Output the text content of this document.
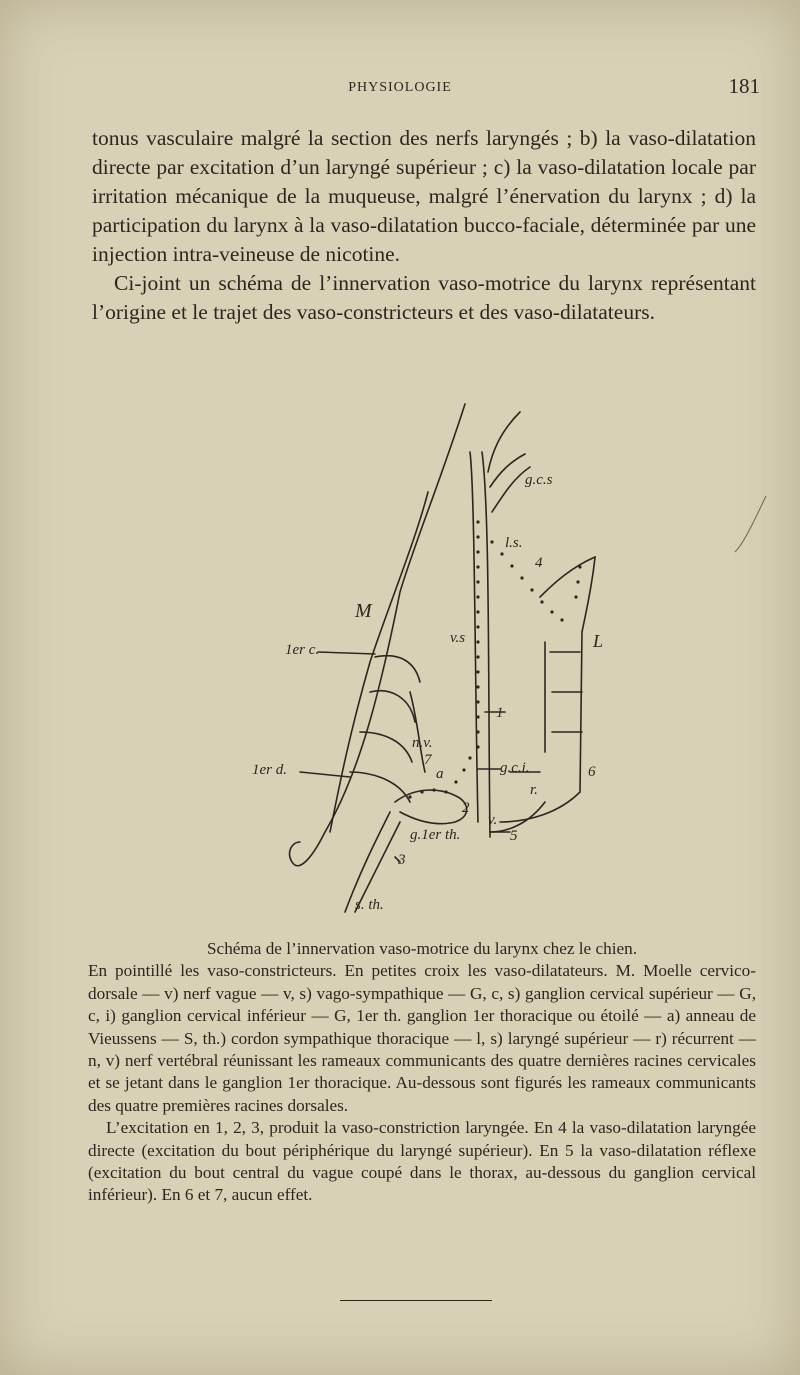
PHYSIOLOGIE	181

tonus vasculaire malgré la section des nerfs laryngés ; b) la vaso-dilatation directe par excitation d’un laryngé supérieur ; c) la vaso-dilatation locale par irritation mécanique de la muqueuse, malgré l’énervation du larynx ; d) la participation du larynx à la vaso-dilatation bucco-faciale, déterminée par une injection intra-veineuse de nicotine.

Ci-joint un schéma de l’innervation vaso-motrice du larynx représentant l’origine et le trajet des vaso-constricteurs et des vaso-dilatateurs.

g.c.s
l.s.
4
M
L
1er c.
v.s
1
n.v.
1er d.
7
a	g.c.i.	6
2
r.
v.
5
g.1er th.
3
s. th.

Schéma de l’innervation vaso-motrice du larynx chez le chien.

En pointillé les vaso-constricteurs. En petites croix les vaso-dilatateurs. M. Moelle cervico-dorsale — v) nerf vague — v, s) vago-sympathique — G, c, s) ganglion cervical supérieur — G, c, i) ganglion cervical inférieur — G, 1er th. ganglion 1er thoracique ou étoilé — a) anneau de Vieussens — S, th.) cordon sympathique thoracique — l, s) laryngé supérieur — r) récurrent — n, v) nerf vertébral réunissant les rameaux communicants des quatre dernières racines cervicales et se jetant dans le ganglion 1er thoracique. Au-dessous sont figurés les rameaux communicants des quatre premières racines dorsales.

L’excitation en 1, 2, 3, produit la vaso-constriction laryngée. En 4 la vaso-dilatation laryngée directe (excitation du bout périphérique du laryngé supérieur). En 5 la vaso-dilatation réflexe (excitation du bout central du vague coupé dans le thorax, au-dessous du ganglion cervical inférieur). En 6 et 7, aucun effet.
